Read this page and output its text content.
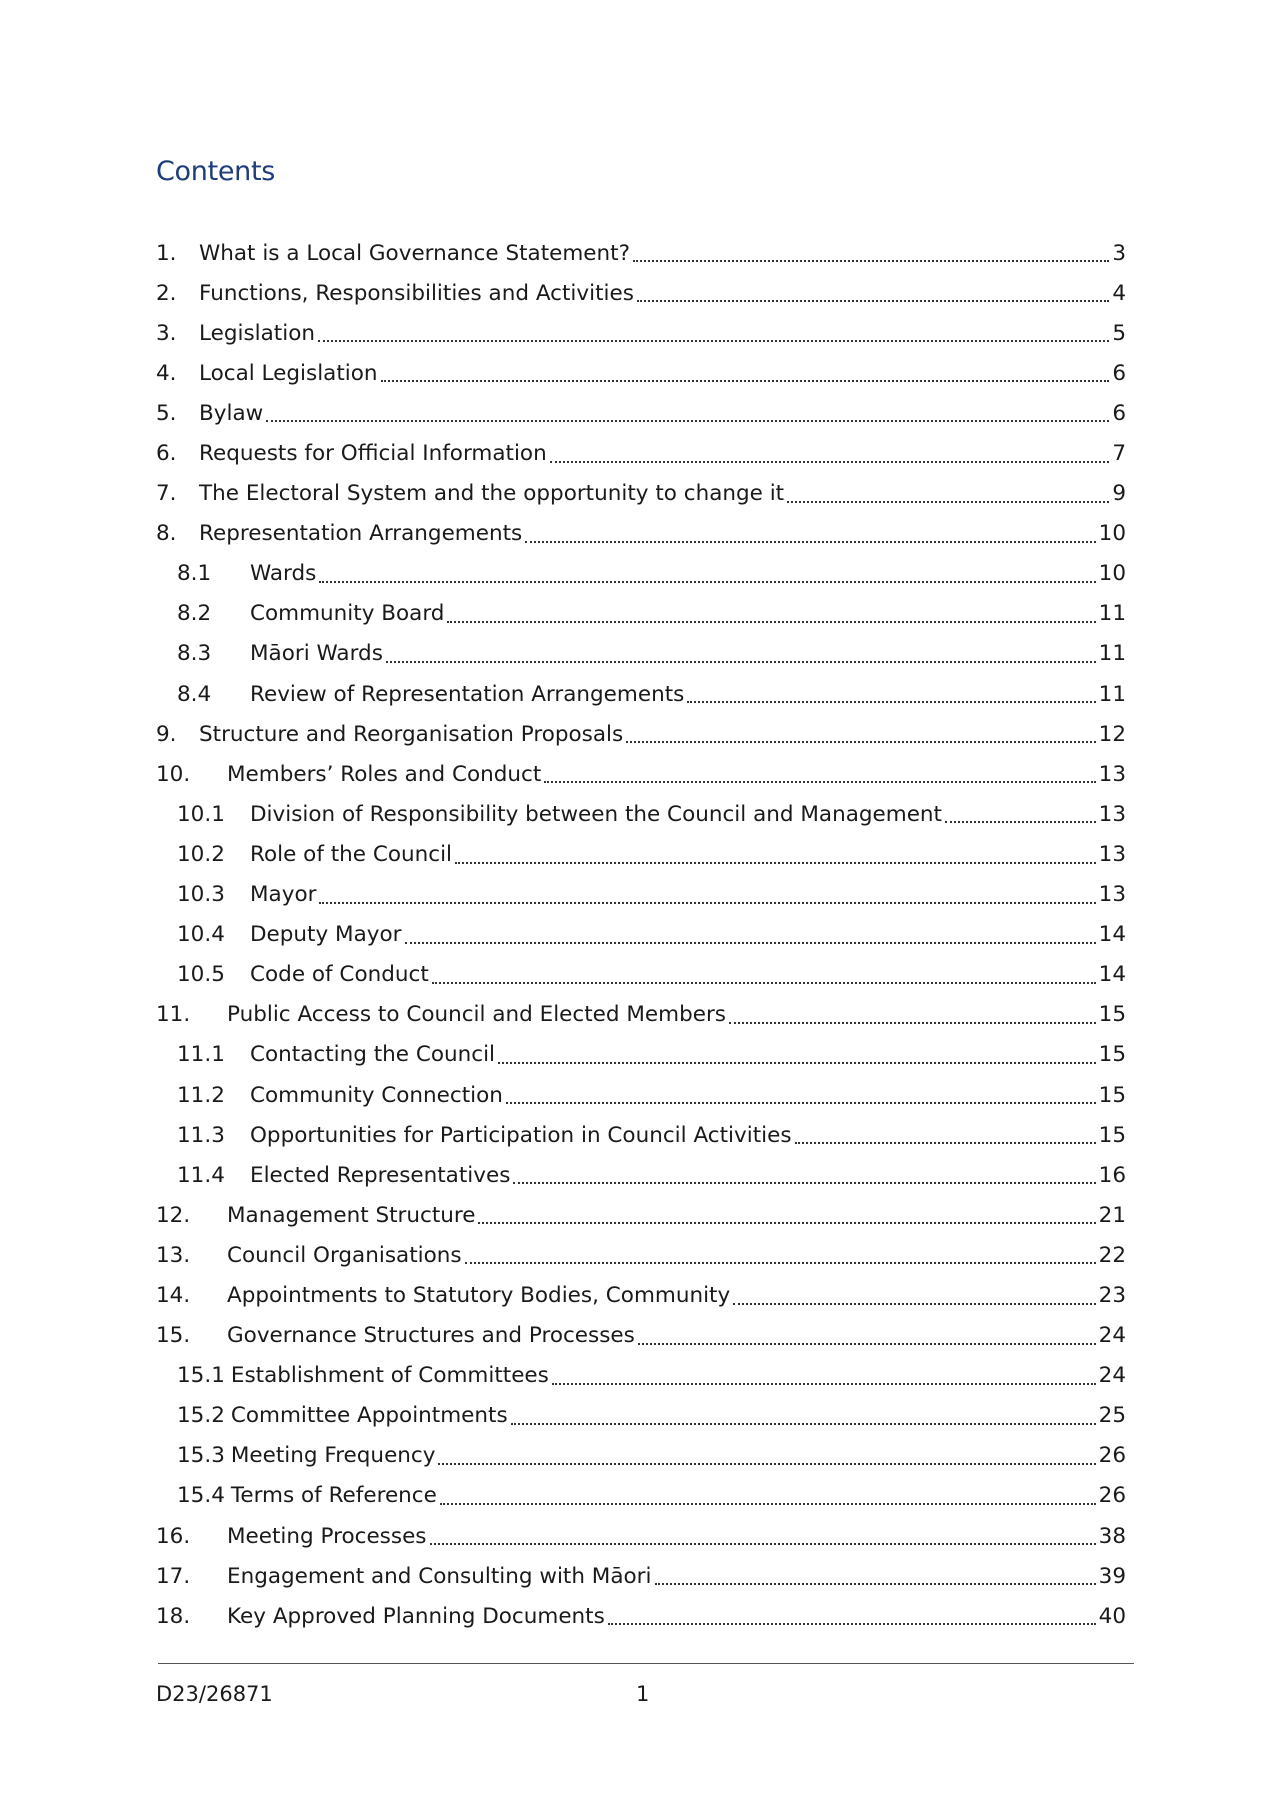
Contents
1.	What is a Local Governance Statement?	3
2.	Functions, Responsibilities and Activities	4
3.	Legislation	5
4.	Local Legislation	6
5.	Bylaw	6
6.	Requests for Official Information	7
7.	The Electoral System and the opportunity to change it	9
8.	Representation Arrangements	10
8.1	Wards	10
8.2	Community Board	11
8.3	Māori Wards	11
8.4	Review of Representation Arrangements	11
9.	Structure and Reorganisation Proposals	12
10.	Members’ Roles and Conduct	13
10.1	Division of Responsibility between the Council and Management	13
10.2	Role of the Council	13
10.3	Mayor	13
10.4	Deputy Mayor	14
10.5	Code of Conduct	14
11.	Public Access to Council and Elected Members	15
11.1	Contacting the Council	15
11.2	Community Connection	15
11.3	Opportunities for Participation in Council Activities	15
11.4	Elected Representatives	16
12.	Management Structure	21
13.	Council Organisations	22
14.	Appointments to Statutory Bodies, Community	23
15.	Governance Structures and Processes	24
15.1 Establishment of Committees	24
15.2 Committee Appointments	25
15.3 Meeting Frequency	26
15.4 Terms of Reference	26
16.	Meeting Processes	38
17.	Engagement and Consulting with Māori	39
18.	Key Approved Planning Documents	40
D23/26871	1
